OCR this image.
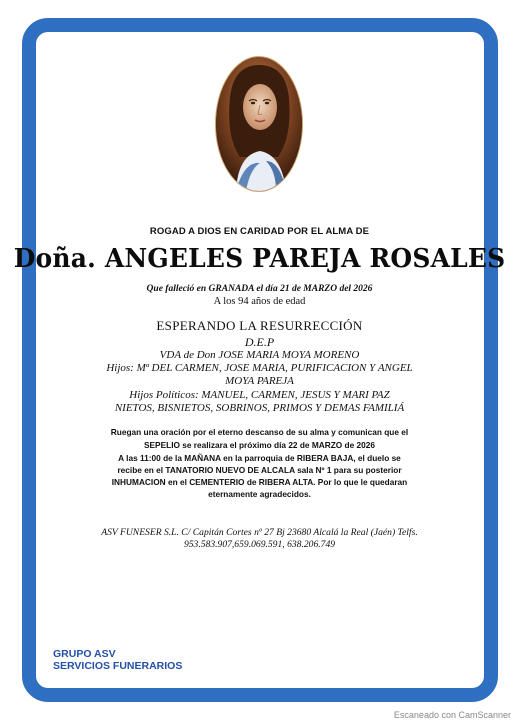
ROGAD A DIOS EN CARIDAD POR EL ALMA DE
Doña. ANGELES PAREJA ROSALES
Que falleció en GRANADA el día 21 de MARZO del 2026
A los 94 años de edad
ESPERANDO LA RESURRECCIÓN
D.E.P
VDA de Don JOSE MARIA MOYA MORENO
Hijos: Mª DEL CARMEN, JOSE MARIA, PURIFICACION Y ANGEL
MOYA PAREJA
Hijos Políticos: MANUEL, CARMEN, JESUS Y MARI PAZ
NIETOS, BISNIETOS, SOBRINOS, PRIMOS Y DEMAS FAMILIÁ
Ruegan una oración por el eterno descanso de su alma y comunican que el
SEPELIO se realizara el próximo día 22 de MARZO de 2026
A las 11:00 de la MAÑANA en la parroquia de RIBERA BAJA, el duelo se
recibe en el TANATORIO NUEVO DE ALCALA sala Nº 1 para su posterior
INHUMACION en el CEMENTERIO de RIBERA ALTA. Por lo que le quedaran
eternamente agradecidos.
ASV FUNESER S.L. C/ Capitán Cortes nº 27 Bj 23680 Alcalá la Real (Jaén) Telfs.
953.583.907,659.069.591, 638.206.749
GRUPO ASV
SERVICIOS FUNERARIOS
Escaneado con CamScanner
